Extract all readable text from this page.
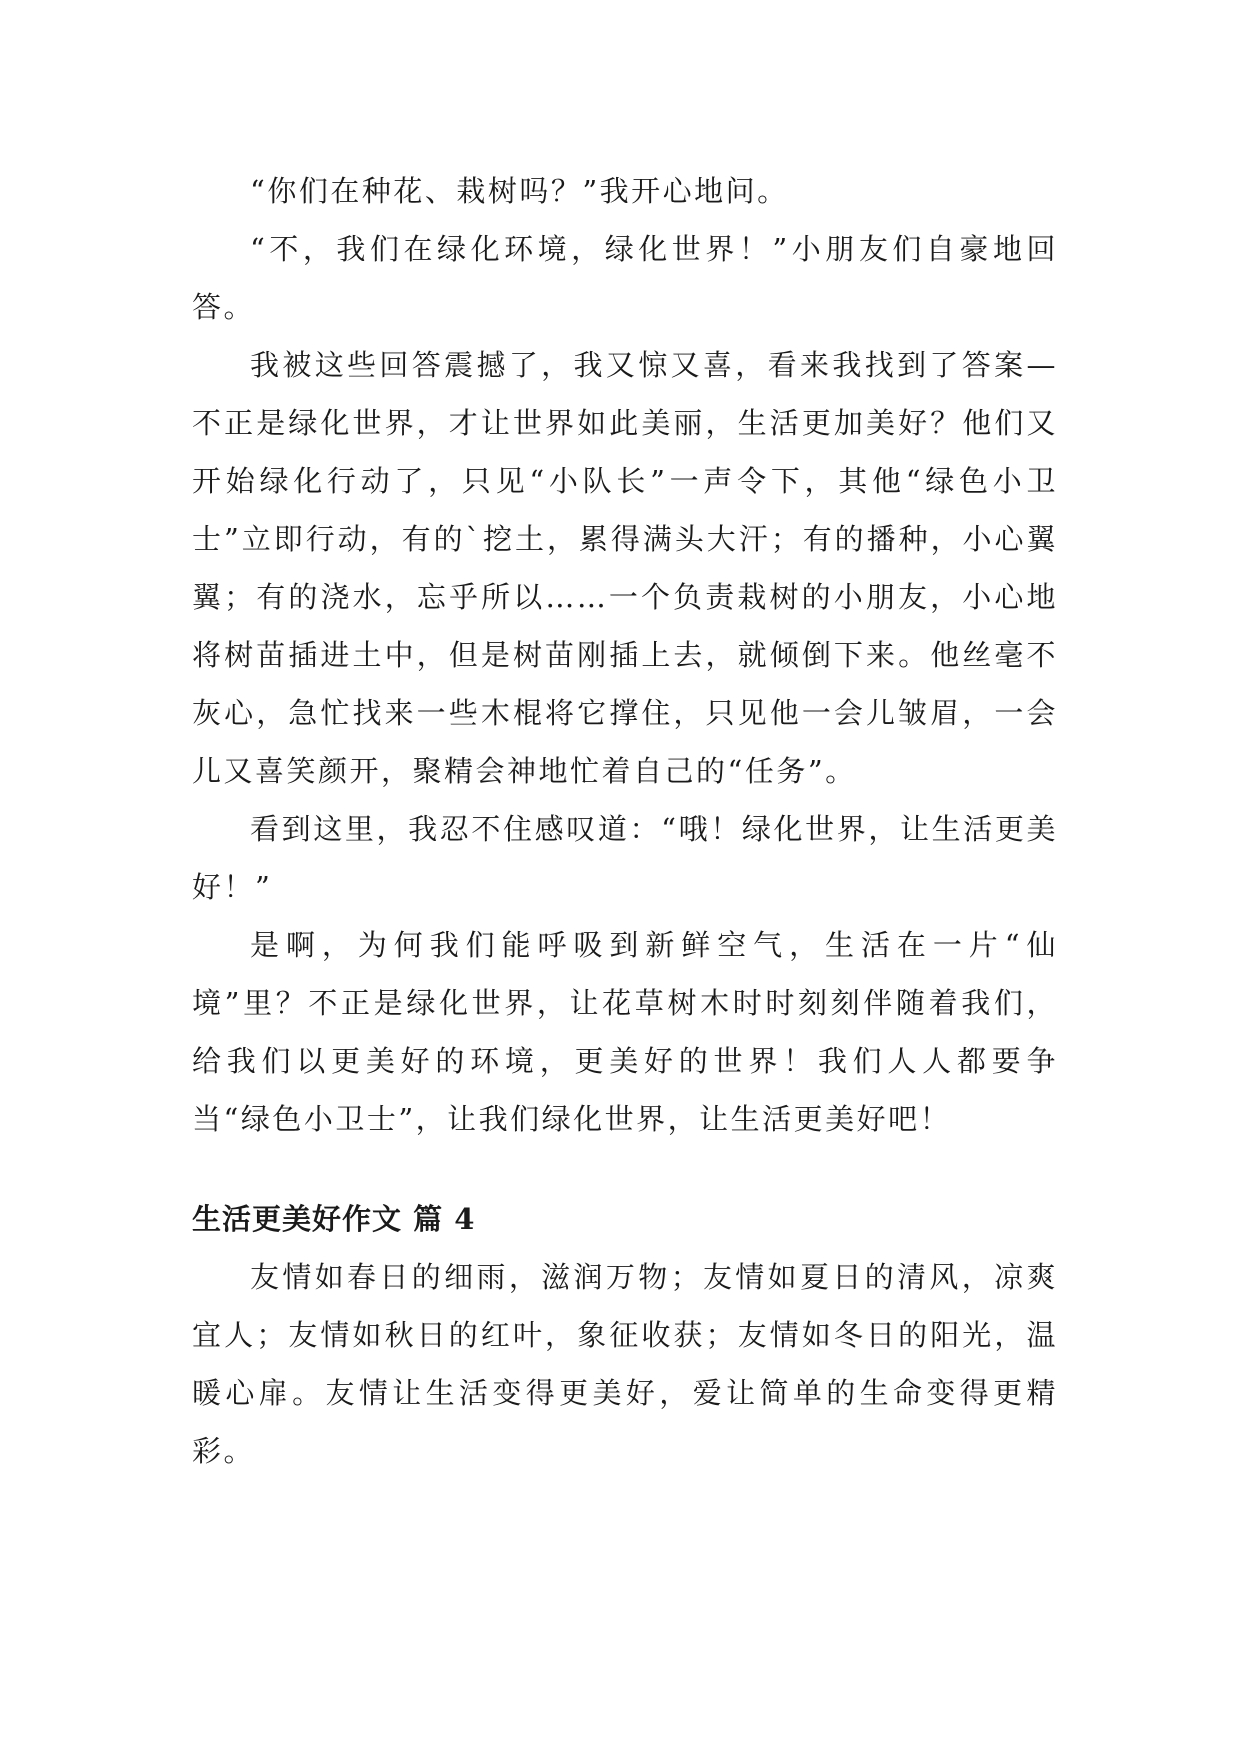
“你们在种花、栽树吗？”我开心地问。

“不，我们在绿化环境，绿化世界！”小朋友们自豪地回答。

我被这些回答震撼了，我又惊又喜，看来我找到了答案—不正是绿化世界，才让世界如此美丽，生活更加美好？他们又开始绿化行动了，只见“小队长”一声令下，其他“绿色小卫士”立即行动，有的`挖土，累得满头大汗；有的播种，小心翼翼；有的浇水，忘乎所以……一个负责栽树的小朋友，小心地将树苗插进土中，但是树苗刚插上去，就倾倒下来。他丝毫不灰心，急忙找来一些木棍将它撑住，只见他一会儿皱眉，一会儿又喜笑颜开，聚精会神地忙着自己的“任务”。

看到这里，我忍不住感叹道：“哦！绿化世界，让生活更美好！”

是啊，为何我们能呼吸到新鲜空气，生活在一片“仙境”里？不正是绿化世界，让花草树木时时刻刻伴随着我们，给我们以更美好的环境，更美好的世界！我们人人都要争当“绿色小卫士”，让我们绿化世界，让生活更美好吧！

生活更美好作文 篇 4

友情如春日的细雨，滋润万物；友情如夏日的清风，凉爽宜人；友情如秋日的红叶，象征收获；友情如冬日的阳光，温暖心扉。友情让生活变得更美好，爱让简单的生命变得更精彩。
